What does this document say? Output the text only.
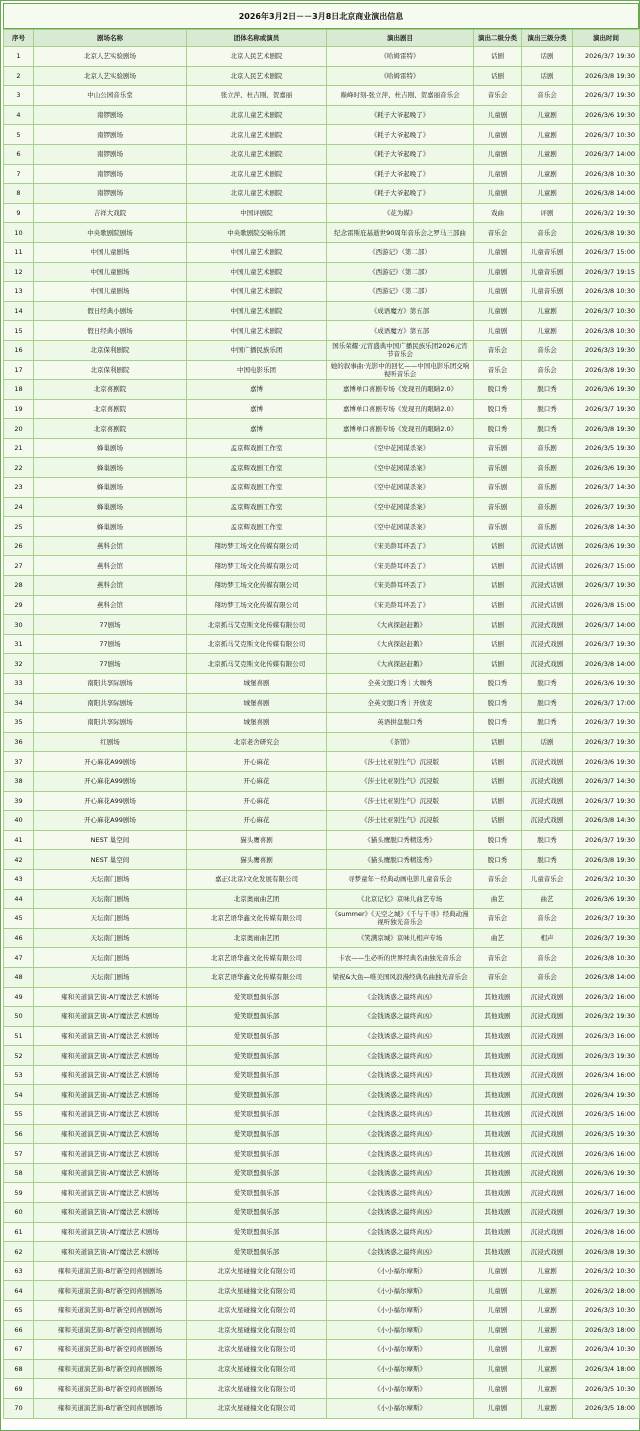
2026年3月2日－－3月8日北京商业演出信息
序号	剧场名称	团体名称或演员	演出剧目	演出二级分类	演出三级分类	演出时间
1	北京人艺实验剧场	北京人民艺术剧院	《哈姆雷特》	话剧	话剧	2026/3/7 19:30
2	北京人艺实验剧场	北京人民艺术剧院	《哈姆雷特》	话剧	话剧	2026/3/8 19:30
3	中山公园音乐堂	张立萍、杜吉刚、贺嘉丽	巅峰时刻-张立萍、杜吉刚、贺嘉丽音乐会	音乐会	音乐会	2026/3/7 19:30
4	南锣剧场	北京儿童艺术剧院	《耗子大爷起晚了》	儿童剧	儿童剧	2026/3/6 19:30
5	南锣剧场	北京儿童艺术剧院	《耗子大爷起晚了》	儿童剧	儿童剧	2026/3/7 10:30
6	南锣剧场	北京儿童艺术剧院	《耗子大爷起晚了》	儿童剧	儿童剧	2026/3/7 14:00
7	南锣剧场	北京儿童艺术剧院	《耗子大爷起晚了》	儿童剧	儿童剧	2026/3/8 10:30
8	南锣剧场	北京儿童艺术剧院	《耗子大爷起晚了》	儿童剧	儿童剧	2026/3/8 14:00
9	吉祥大戏院	中国评剧院	《花为媒》	戏曲	评剧	2026/3/2 19:30
10	中央歌剧院剧场	中央歌剧院交响乐团	纪念雷斯庇基逝世90周年音乐会之罗马三部曲	音乐会	音乐会	2026/3/8 19:30
11	中国儿童剧场	中国儿童艺术剧院	《西游记》（第二部）	儿童剧	儿童音乐剧	2026/3/7 15:00
12	中国儿童剧场	中国儿童艺术剧院	《西游记》（第二部）	儿童剧	儿童音乐剧	2026/3/7 19:15
13	中国儿童剧场	中国儿童艺术剧院	《西游记》（第二部）	儿童剧	儿童音乐剧	2026/3/8 10:30
14	假日经典小剧场	中国儿童艺术剧院	《成语魔方》第五部	儿童剧	儿童剧	2026/3/7 10:30
15	假日经典小剧场	中国儿童艺术剧院	《成语魔方》第五部	儿童剧	儿童剧	2026/3/8 10:30
16	北京保利剧院	中国广播民族乐团	国乐荣耀·元宵盛典中国广播民族乐团2026元宵节音乐会	音乐会	音乐会	2026/3/3 19:30
17	北京保利剧院	中国电影乐团	她的叙事曲·光影中的回忆——中国电影乐团交响视听音乐会	音乐会	音乐会	2026/3/8 19:30
18	北京喜剧院	嘉博	嘉博单口喜剧专场《发现丑的眼睛2.0》	脱口秀	脱口秀	2026/3/6 19:30
19	北京喜剧院	嘉博	嘉博单口喜剧专场《发现丑的眼睛2.0》	脱口秀	脱口秀	2026/3/7 19:30
20	北京喜剧院	嘉博	嘉博单口喜剧专场《发现丑的眼睛2.0》	脱口秀	脱口秀	2026/3/8 19:30
21	蜂巢剧场	孟京辉戏剧工作室	《空中花园谋杀案》	音乐剧	音乐剧	2026/3/5 19:30
22	蜂巢剧场	孟京辉戏剧工作室	《空中花园谋杀案》	音乐剧	音乐剧	2026/3/6 19:30
23	蜂巢剧场	孟京辉戏剧工作室	《空中花园谋杀案》	音乐剧	音乐剧	2026/3/7 14:30
24	蜂巢剧场	孟京辉戏剧工作室	《空中花园谋杀案》	音乐剧	音乐剧	2026/3/7 19:30
25	蜂巢剧场	孟京辉戏剧工作室	《空中花园谋杀案》	音乐剧	音乐剧	2026/3/8 14:30
26	燕科会馆	翔坊梦工场文化传媒有限公司	《宋美龄耳环丢了》	话剧	沉浸式话剧	2026/3/6 19:30
27	燕科会馆	翔坊梦工场文化传媒有限公司	《宋美龄耳环丢了》	话剧	沉浸式话剧	2026/3/7 15:00
28	燕科会馆	翔坊梦工场文化传媒有限公司	《宋美龄耳环丢了》	话剧	沉浸式话剧	2026/3/7 19:30
29	燕科会馆	翔坊梦工场文化传媒有限公司	《宋美龄耳环丢了》	话剧	沉浸式话剧	2026/3/8 15:00
30	77剧场	北京抓马艾克斯文化传媒有限公司	《大真探赵赶鹅》	话剧	沉浸式戏剧	2026/3/7 14:00
31	77剧场	北京抓马艾克斯文化传媒有限公司	《大真探赵赶鹅》	话剧	沉浸式戏剧	2026/3/7 19:30
32	77剧场	北京抓马艾克斯文化传媒有限公司	《大真探赵赶鹅》	话剧	沉浸式戏剧	2026/3/8 14:00
33	南阳共享际剧场	城堡喜剧	全英文脱口秀｜大咖秀	脱口秀	脱口秀	2026/3/6 19:30
34	南阳共享际剧场	城堡喜剧	全英文脱口秀｜开放麦	脱口秀	脱口秀	2026/3/7 17:00
35	南阳共享际剧场	城堡喜剧	英语拼盘脱口秀	脱口秀	脱口秀	2026/3/7 19:30
36	红剧场	北京老舍研究会	《茶馆》	话剧	话剧	2026/3/7 19:30
37	开心麻花A99剧场	开心麻花	《莎士比亚别生气》沉浸版	话剧	沉浸式戏剧	2026/3/6 19:30
38	开心麻花A99剧场	开心麻花	《莎士比亚别生气》沉浸版	话剧	沉浸式戏剧	2026/3/7 14:30
39	开心麻花A99剧场	开心麻花	《莎士比亚别生气》沉浸版	话剧	沉浸式戏剧	2026/3/7 19:30
40	开心麻花A99剧场	开心麻花	《莎士比亚别生气》沉浸版	话剧	沉浸式戏剧	2026/3/8 14:30
41	NEST 巢空间	猫头鹰喜剧	《猫头鹰脱口秀精选秀》	脱口秀	脱口秀	2026/3/7 19:30
42	NEST 巢空间	猫头鹰喜剧	《猫头鹰脱口秀精选秀》	脱口秀	脱口秀	2026/3/8 19:30
43	天坛南门剧场	嘉正(北京)文化发展有限公司	寻梦童年－经典动画电影儿童音乐会	音乐会	儿童音乐会	2026/3/2 10:30
44	天坛南门剧场	北京奥雨曲艺团	《北京记忆》京味儿曲艺专场	曲艺	曲艺	2026/3/6 19:30
45	天坛南门剧场	北京艺语华鑫文化传媒有限公司	《summer》《天空之城》《千与千寻》经典动漫视听独光音乐会	音乐会	音乐会	2026/3/7 19:30
46	天坛南门剧场	北京奥雨曲艺团	《笑满京城》京味儿相声专场	曲艺	相声	2026/3/7 19:30
47	天坛南门剧场	北京艺语华鑫文化传媒有限公司	卡农——生必听的世界经典名曲独光音乐会	音乐会	音乐会	2026/3/8 10:30
48	天坛南门剧场	北京艺语华鑫文化传媒有限公司	梁祝&大鱼—唯美国风浪漫经典名曲独光音乐会	音乐会	音乐会	2026/3/8 14:00
49	雍和芙道演艺街-A厅魔法艺术剧场	爱笑联盟俱乐部	《金钱诱惑之最终真凶》	其他戏剧	沉浸式戏剧	2026/3/2 16:00
50	雍和芙道演艺街-A厅魔法艺术剧场	爱笑联盟俱乐部	《金钱诱惑之最终真凶》	其他戏剧	沉浸式戏剧	2026/3/2 19:30
51	雍和芙道演艺街-A厅魔法艺术剧场	爱笑联盟俱乐部	《金钱诱惑之最终真凶》	其他戏剧	沉浸式戏剧	2026/3/3 16:00
52	雍和芙道演艺街-A厅魔法艺术剧场	爱笑联盟俱乐部	《金钱诱惑之最终真凶》	其他戏剧	沉浸式戏剧	2026/3/3 19:30
53	雍和芙道演艺街-A厅魔法艺术剧场	爱笑联盟俱乐部	《金钱诱惑之最终真凶》	其他戏剧	沉浸式戏剧	2026/3/4 16:00
54	雍和芙道演艺街-A厅魔法艺术剧场	爱笑联盟俱乐部	《金钱诱惑之最终真凶》	其他戏剧	沉浸式戏剧	2026/3/4 19:30
55	雍和芙道演艺街-A厅魔法艺术剧场	爱笑联盟俱乐部	《金钱诱惑之最终真凶》	其他戏剧	沉浸式戏剧	2026/3/5 16:00
56	雍和芙道演艺街-A厅魔法艺术剧场	爱笑联盟俱乐部	《金钱诱惑之最终真凶》	其他戏剧	沉浸式戏剧	2026/3/5 19:30
57	雍和芙道演艺街-A厅魔法艺术剧场	爱笑联盟俱乐部	《金钱诱惑之最终真凶》	其他戏剧	沉浸式戏剧	2026/3/6 16:00
58	雍和芙道演艺街-A厅魔法艺术剧场	爱笑联盟俱乐部	《金钱诱惑之最终真凶》	其他戏剧	沉浸式戏剧	2026/3/6 19:30
59	雍和芙道演艺街-A厅魔法艺术剧场	爱笑联盟俱乐部	《金钱诱惑之最终真凶》	其他戏剧	沉浸式戏剧	2026/3/7 16:00
60	雍和芙道演艺街-A厅魔法艺术剧场	爱笑联盟俱乐部	《金钱诱惑之最终真凶》	其他戏剧	沉浸式戏剧	2026/3/7 19:30
61	雍和芙道演艺街-A厅魔法艺术剧场	爱笑联盟俱乐部	《金钱诱惑之最终真凶》	其他戏剧	沉浸式戏剧	2026/3/8 16:00
62	雍和芙道演艺街-A厅魔法艺术剧场	爱笑联盟俱乐部	《金钱诱惑之最终真凶》	其他戏剧	沉浸式戏剧	2026/3/8 19:30
63	雍和芙道演艺街-B厅新空间喜剧剧场	北京火星碰撞文化有限公司	《小小福尔摩斯》	儿童剧	儿童剧	2026/3/2 10:30
64	雍和芙道演艺街-B厅新空间喜剧剧场	北京火星碰撞文化有限公司	《小小福尔摩斯》	儿童剧	儿童剧	2026/3/2 18:00
65	雍和芙道演艺街-B厅新空间喜剧剧场	北京火星碰撞文化有限公司	《小小福尔摩斯》	儿童剧	儿童剧	2026/3/3 10:30
66	雍和芙道演艺街-B厅新空间喜剧剧场	北京火星碰撞文化有限公司	《小小福尔摩斯》	儿童剧	儿童剧	2026/3/3 18:00
67	雍和芙道演艺街-B厅新空间喜剧剧场	北京火星碰撞文化有限公司	《小小福尔摩斯》	儿童剧	儿童剧	2026/3/4 10:30
68	雍和芙道演艺街-B厅新空间喜剧剧场	北京火星碰撞文化有限公司	《小小福尔摩斯》	儿童剧	儿童剧	2026/3/4 18:00
69	雍和芙道演艺街-B厅新空间喜剧剧场	北京火星碰撞文化有限公司	《小小福尔摩斯》	儿童剧	儿童剧	2026/3/5 10:30
70	雍和芙道演艺街-B厅新空间喜剧剧场	北京火星碰撞文化有限公司	《小小福尔摩斯》	儿童剧	儿童剧	2026/3/5 18:00
